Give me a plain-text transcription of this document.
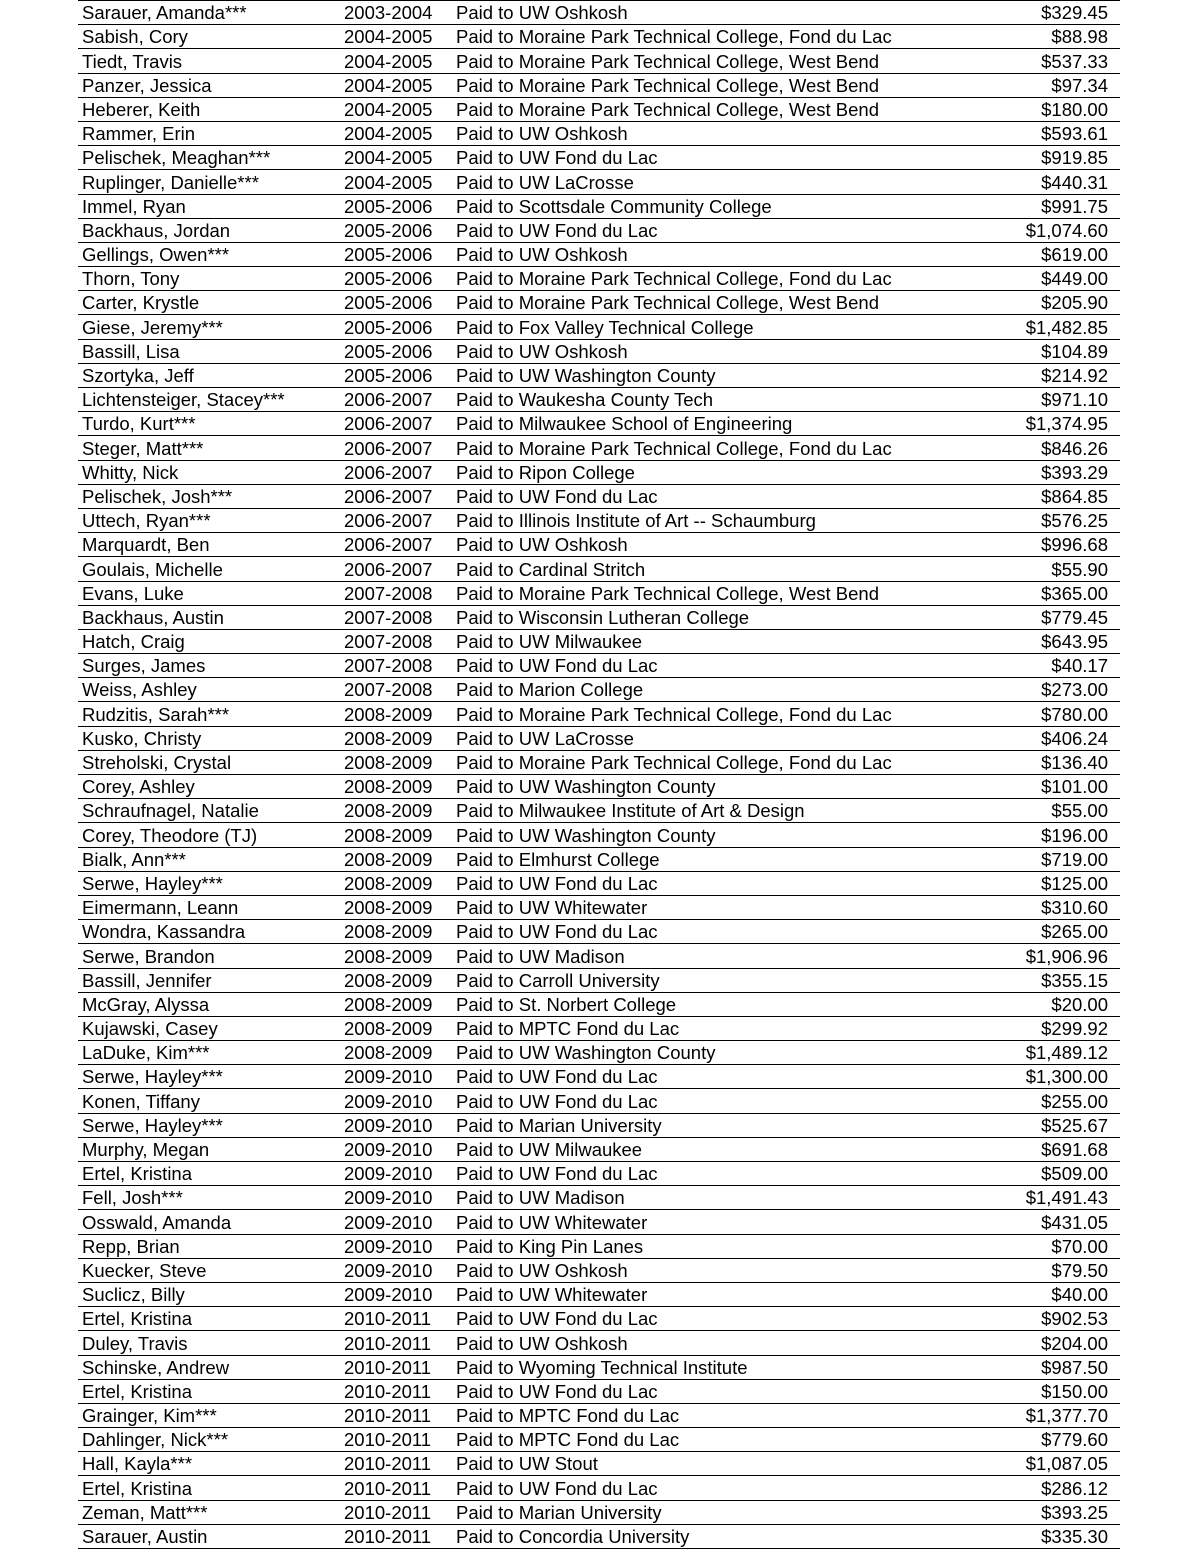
Sarauer, Amanda***	2003-2004	Paid to UW Oshkosh	$329.45
Sabish, Cory	2004-2005	Paid to Moraine Park Technical College, Fond du Lac	$88.98
Tiedt, Travis	2004-2005	Paid to Moraine Park Technical College, West Bend	$537.33
Panzer, Jessica	2004-2005	Paid to Moraine Park Technical College, West Bend	$97.34
Heberer, Keith	2004-2005	Paid to Moraine Park Technical College, West Bend	$180.00
Rammer, Erin	2004-2005	Paid to UW Oshkosh	$593.61
Pelischek, Meaghan***	2004-2005	Paid to UW Fond du Lac	$919.85
Ruplinger, Danielle***	2004-2005	Paid to UW LaCrosse	$440.31
Immel, Ryan	2005-2006	Paid to Scottsdale Community College	$991.75
Backhaus, Jordan	2005-2006	Paid to UW Fond du Lac	$1,074.60
Gellings, Owen***	2005-2006	Paid to UW Oshkosh	$619.00
Thorn, Tony	2005-2006	Paid to Moraine Park Technical College, Fond du Lac	$449.00
Carter, Krystle	2005-2006	Paid to Moraine Park Technical College, West Bend	$205.90
Giese, Jeremy***	2005-2006	Paid to Fox Valley Technical College	$1,482.85
Bassill, Lisa	2005-2006	Paid to UW Oshkosh	$104.89
Szortyka, Jeff	2005-2006	Paid to UW Washington County	$214.92
Lichtensteiger, Stacey***	2006-2007	Paid to Waukesha County Tech	$971.10
Turdo, Kurt***	2006-2007	Paid to Milwaukee School of Engineering	$1,374.95
Steger, Matt***	2006-2007	Paid to Moraine Park Technical College, Fond du Lac	$846.26
Whitty, Nick	2006-2007	Paid to Ripon College	$393.29
Pelischek, Josh***	2006-2007	Paid to UW Fond du Lac	$864.85
Uttech, Ryan***	2006-2007	Paid to Illinois Institute of Art -- Schaumburg	$576.25
Marquardt, Ben	2006-2007	Paid to UW Oshkosh	$996.68
Goulais, Michelle	2006-2007	Paid to Cardinal Stritch	$55.90
Evans, Luke	2007-2008	Paid to Moraine Park Technical College, West Bend	$365.00
Backhaus, Austin	2007-2008	Paid to Wisconsin Lutheran College	$779.45
Hatch, Craig	2007-2008	Paid to UW Milwaukee	$643.95
Surges, James	2007-2008	Paid to UW Fond du Lac	$40.17
Weiss, Ashley	2007-2008	Paid to Marion College	$273.00
Rudzitis, Sarah***	2008-2009	Paid to Moraine Park Technical College, Fond du Lac	$780.00
Kusko, Christy	2008-2009	Paid to UW LaCrosse	$406.24
Streholski, Crystal	2008-2009	Paid to Moraine Park Technical College, Fond du Lac	$136.40
Corey, Ashley	2008-2009	Paid to UW Washington County	$101.00
Schraufnagel, Natalie	2008-2009	Paid to Milwaukee Institute of Art & Design	$55.00
Corey, Theodore (TJ)	2008-2009	Paid to UW Washington County	$196.00
Bialk, Ann***	2008-2009	Paid to Elmhurst College	$719.00
Serwe, Hayley***	2008-2009	Paid to UW Fond du Lac	$125.00
Eimermann, Leann	2008-2009	Paid to UW Whitewater	$310.60
Wondra, Kassandra	2008-2009	Paid to UW Fond du Lac	$265.00
Serwe, Brandon	2008-2009	Paid to UW Madison	$1,906.96
Bassill, Jennifer	2008-2009	Paid to Carroll University	$355.15
McGray, Alyssa	2008-2009	Paid to St. Norbert College	$20.00
Kujawski, Casey	2008-2009	Paid to MPTC Fond du Lac	$299.92
LaDuke, Kim***	2008-2009	Paid to UW Washington County	$1,489.12
Serwe, Hayley***	2009-2010	Paid to UW Fond du Lac	$1,300.00
Konen, Tiffany	2009-2010	Paid to UW Fond du Lac	$255.00
Serwe, Hayley***	2009-2010	Paid to Marian University	$525.67
Murphy, Megan	2009-2010	Paid to UW Milwaukee	$691.68
Ertel, Kristina	2009-2010	Paid to UW Fond du Lac	$509.00
Fell, Josh***	2009-2010	Paid to UW Madison	$1,491.43
Osswald, Amanda	2009-2010	Paid to UW Whitewater	$431.05
Repp, Brian	2009-2010	Paid to King Pin Lanes	$70.00
Kuecker, Steve	2009-2010	Paid to UW Oshkosh	$79.50
Suclicz, Billy	2009-2010	Paid to UW Whitewater	$40.00
Ertel, Kristina	2010-2011	Paid to UW Fond du Lac	$902.53
Duley, Travis	2010-2011	Paid to UW Oshkosh	$204.00
Schinske, Andrew	2010-2011	Paid to Wyoming Technical Institute	$987.50
Ertel, Kristina	2010-2011	Paid to UW Fond du Lac	$150.00
Grainger, Kim***	2010-2011	Paid to MPTC Fond du Lac	$1,377.70
Dahlinger, Nick***	2010-2011	Paid to MPTC Fond du Lac	$779.60
Hall, Kayla***	2010-2011	Paid to UW Stout	$1,087.05
Ertel, Kristina	2010-2011	Paid to UW Fond du Lac	$286.12
Zeman, Matt***	2010-2011	Paid to Marian University	$393.25
Sarauer, Austin	2010-2011	Paid to Concordia University	$335.30
